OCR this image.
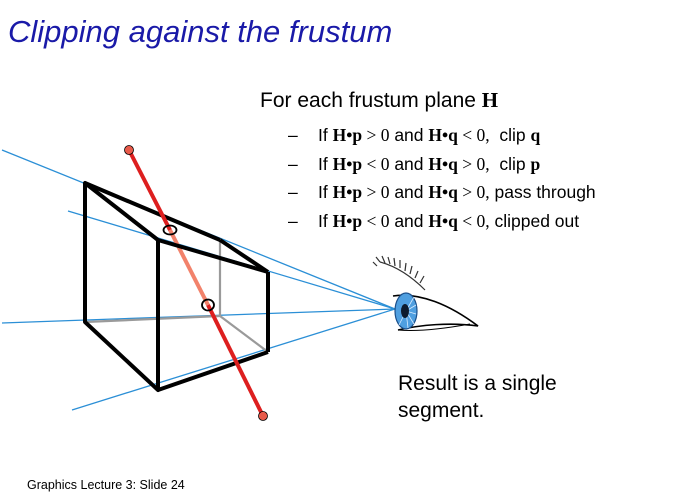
Clipping against the frustum
For each frustum plane H
– If H•p > 0 and H•q < 0,  clip q
– If H•p < 0 and H•q > 0,  clip p
– If H•p > 0 and H•q > 0, pass through
– If H•p < 0 and H•q < 0, clipped out
Result is a single
segment.
Graphics Lecture 3: Slide 24
